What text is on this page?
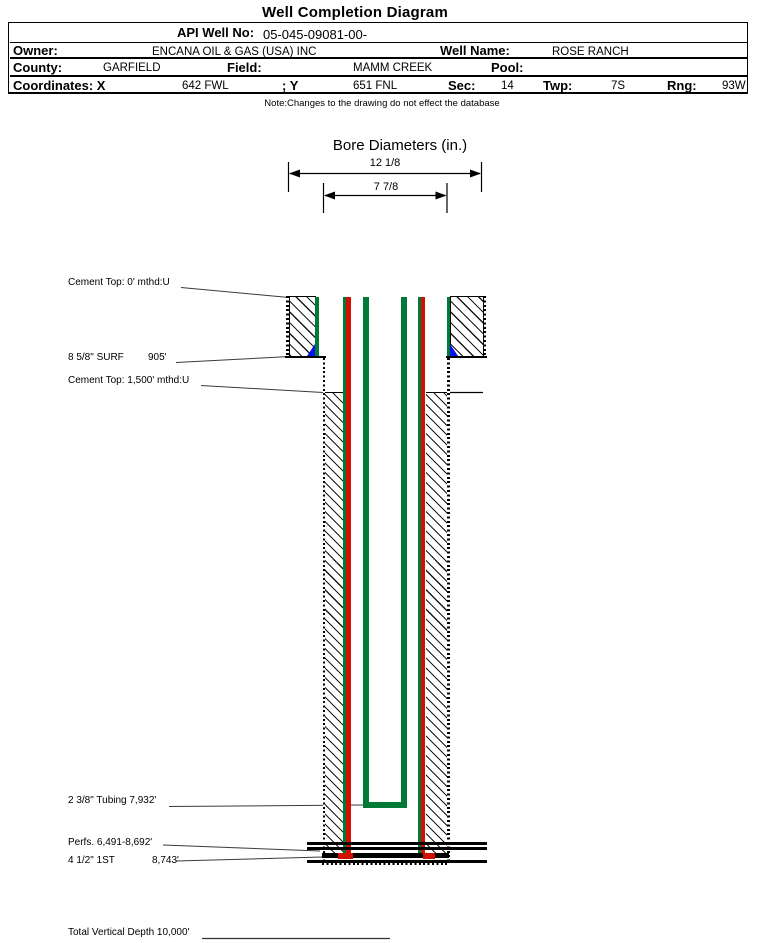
Well Completion Diagram
API Well No: 05-045-09081-00-
Owner:	ENCANA OIL & GAS (USA) INC	Well Name:	ROSE RANCH
County:	GARFIELD	Field:	MAMM CREEK	Pool:
Coordinates: X	642 FWL	; Y	651 FNL	Sec: 14 Twp:	7S	Rng: 93W
Note:Changes to the drawing do not effect the database
Bore Diameters (in.)
12 1/8
7 7/8
Cement Top: 0' mthd:U
8 5/8" SURF 905'
Cement Top: 1,500' mthd:U
2 3/8" Tubing 7,932'
Perfs. 6,491-8,692'
4 1/2" 1ST	8,743'
Total Vertical Depth 10,000'
